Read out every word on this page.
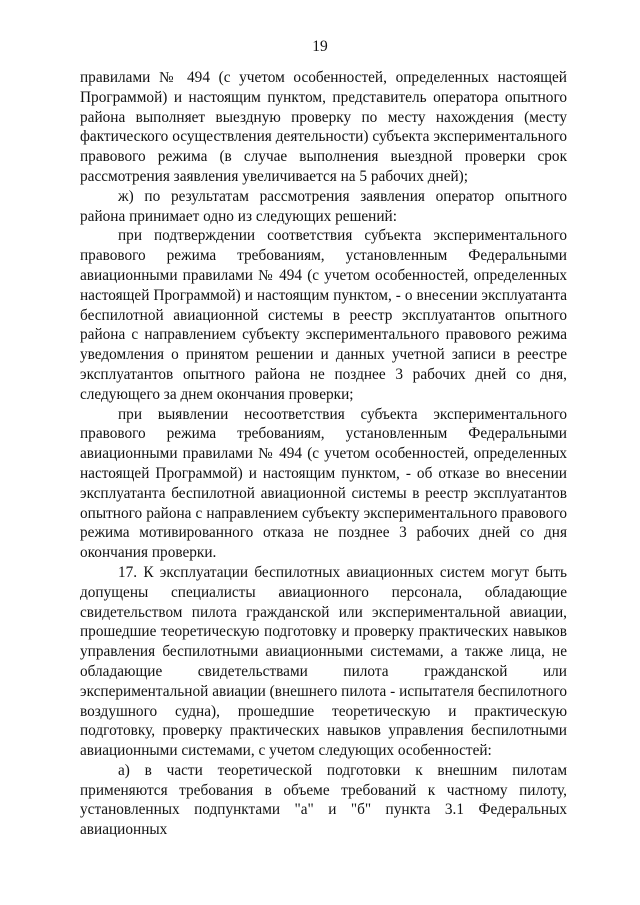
19

правилами № 494 (с учетом особенностей, определенных настоящей Программой) и настоящим пунктом, представитель оператора опытного района выполняет выездную проверку по месту нахождения (месту фактического осуществления деятельности) субъекта экспериментального правового режима (в случае выполнения выездной проверки срок рассмотрения заявления увеличивается на 5 рабочих дней);

ж) по результатам рассмотрения заявления оператор опытного района принимает одно из следующих решений:

при подтверждении соответствия субъекта экспериментального правового режима требованиям, установленным Федеральными авиационными правилами № 494 (с учетом особенностей, определенных настоящей Программой) и настоящим пунктом, - о внесении эксплуатанта беспилотной авиационной системы в реестр эксплуатантов опытного района с направлением субъекту экспериментального правового режима уведомления о принятом решении и данных учетной записи в реестре эксплуатантов опытного района не позднее 3 рабочих дней со дня, следующего за днем окончания проверки;

при выявлении несоответствия субъекта экспериментального правового режима требованиям, установленным Федеральными авиационными правилами № 494 (с учетом особенностей, определенных настоящей Программой) и настоящим пунктом, - об отказе во внесении эксплуатанта беспилотной авиационной системы в реестр эксплуатантов опытного района с направлением субъекту экспериментального правового режима мотивированного отказа не позднее 3 рабочих дней со дня окончания проверки.

17. К эксплуатации беспилотных авиационных систем могут быть допущены специалисты авиационного персонала, обладающие свидетельством пилота гражданской или экспериментальной авиации, прошедшие теоретическую подготовку и проверку практических навыков управления беспилотными авиационными системами, а также лица, не обладающие свидетельствами пилота гражданской или экспериментальной авиации (внешнего пилота - испытателя беспилотного воздушного судна), прошедшие теоретическую и практическую подготовку, проверку практических навыков управления беспилотными авиационными системами, с учетом следующих особенностей:

а) в части теоретической подготовки к внешним пилотам применяются требования в объеме требований к частному пилоту, установленных подпунктами "а" и "б" пункта 3.1 Федеральных авиационных
